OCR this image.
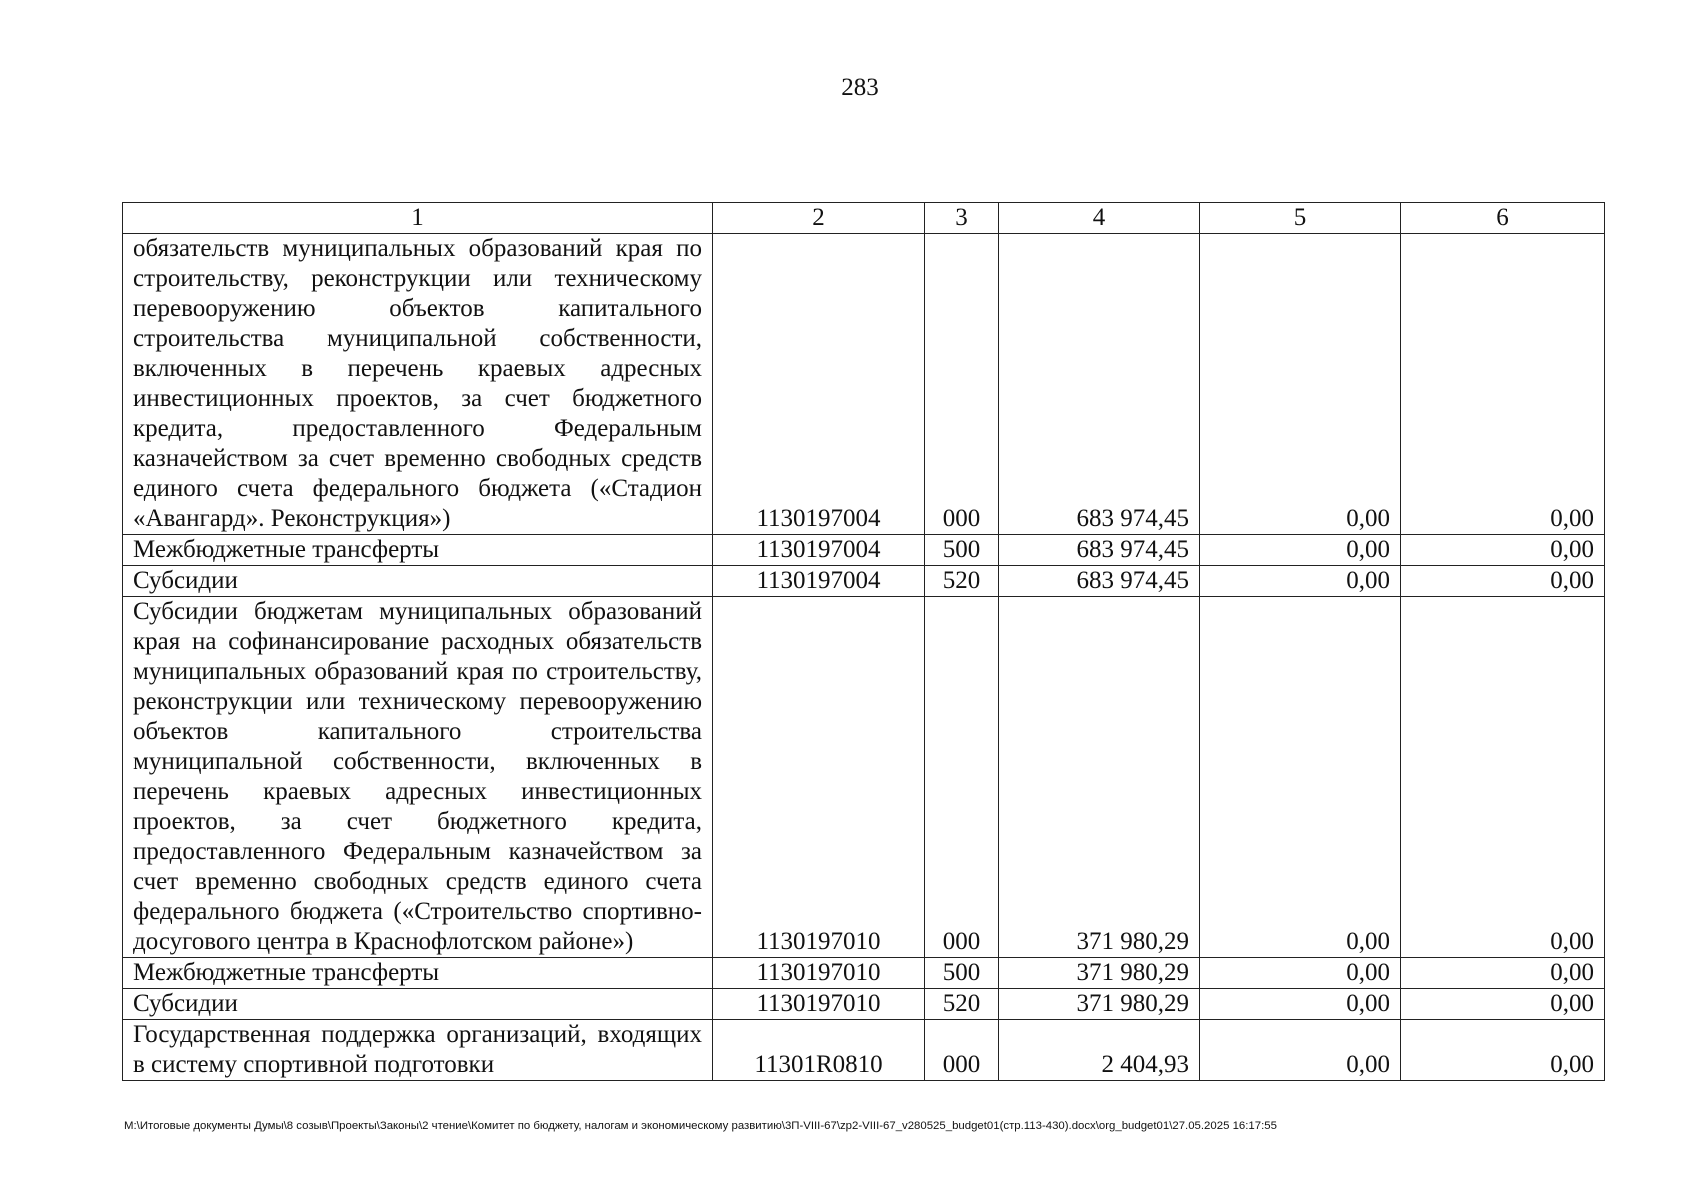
283
1	2	3	4	5	6
обязательств муниципальных образований края по строительству, реконструкции или техническому перевооружению объектов капитального строительства муниципальной собственности, включенных в перечень краевых адресных инвестиционных проектов, за счет бюджетного кредита, предоставленного Федеральным казначейством за счет временно свободных средств единого счета федерального бюджета («Стадион «Авангард». Реконструкция»)	1130197004	000	683 974,45	0,00	0,00
Межбюджетные трансферты	1130197004	500	683 974,45	0,00	0,00
Субсидии	1130197004	520	683 974,45	0,00	0,00
Субсидии бюджетам муниципальных образований края на софинансирование расходных обязательств муниципальных образований края по строительству, реконструкции или техническому перевооружению объектов капитального строительства муниципальной собственности, включенных в перечень краевых адресных инвестиционных проектов, за счет бюджетного кредита, предоставленного Федеральным казначейством за счет временно свободных средств единого счета федерального бюджета («Строительство спортивно-досугового центра в Краснофлотском районе»)	1130197010	000	371 980,29	0,00	0,00
Межбюджетные трансферты	1130197010	500	371 980,29	0,00	0,00
Субсидии	1130197010	520	371 980,29	0,00	0,00
Государственная поддержка организаций, входящих в систему спортивной подготовки	11301R0810	000	2 404,93	0,00	0,00
M:\Итоговые документы Думы\8 созыв\Проекты\Законы\2 чтение\Комитет по бюджету, налогам и экономическому развитию\3П-VIII-67\zp2-VIII-67_v280525_budget01(стр.113-430).docx\org_budget01\27.05.2025 16:17:55
